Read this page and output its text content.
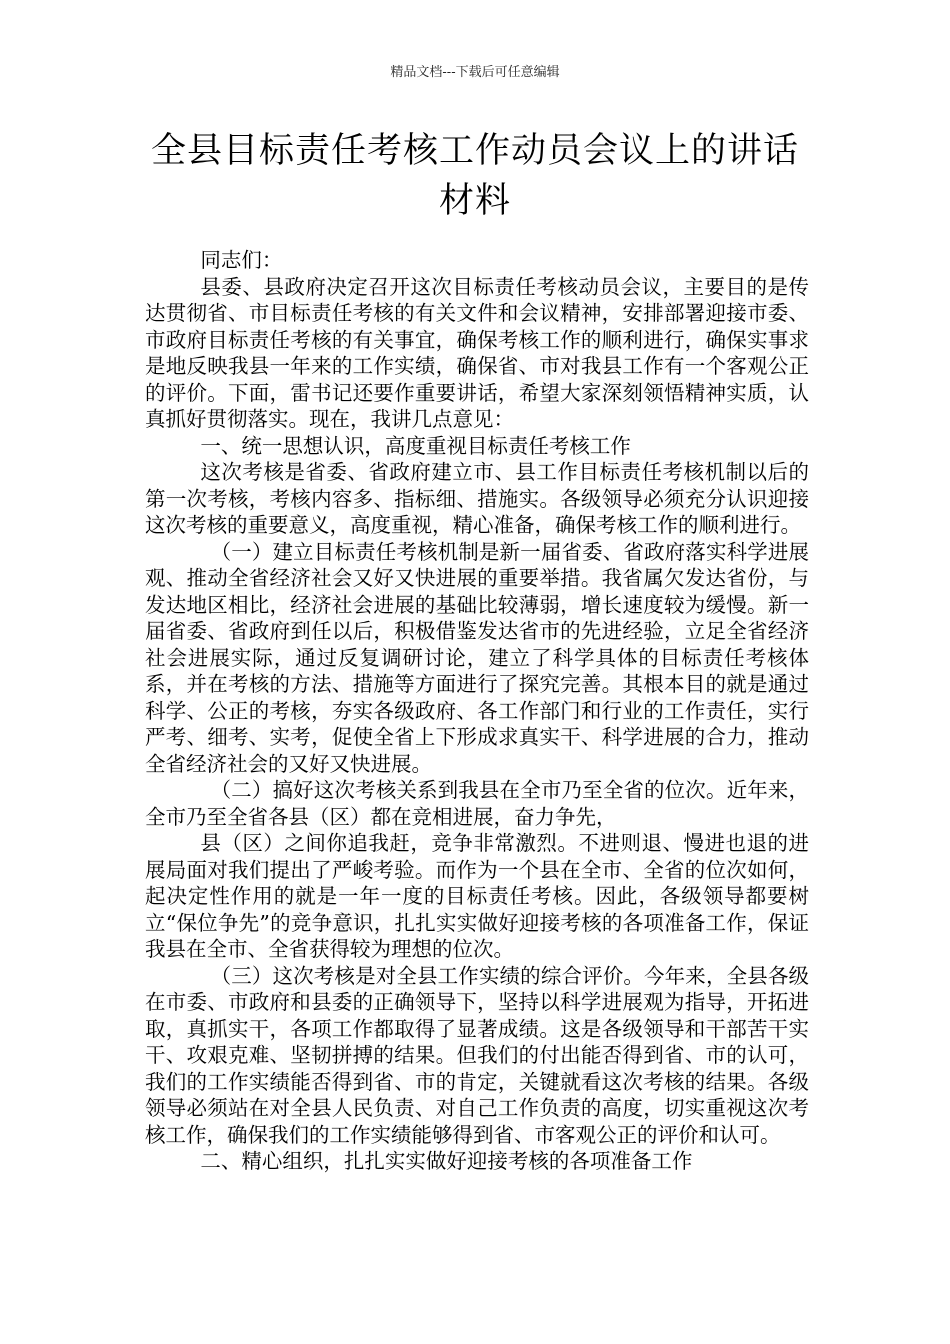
精品文档---下载后可任意编辑
全县目标责任考核工作动员会议上的讲话材料

同志们：

县委、县政府决定召开这次目标责任考核动员会议，主要目的是传达贯彻省、市目标责任考核的有关文件和会议精神，安排部署迎接市委、市政府目标责任考核的有关事宜，确保考核工作的顺利进行，确保实事求是地反映我县一年来的工作实绩，确保省、市对我县工作有一个客观公正的评价。下面，雷书记还要作重要讲话，希望大家深刻领悟精神实质，认真抓好贯彻落实。现在，我讲几点意见：

一、统一思想认识，高度重视目标责任考核工作

这次考核是省委、省政府建立市、县工作目标责任考核机制以后的第一次考核，考核内容多、指标细、措施实。各级领导必须充分认识迎接这次考核的重要意义，高度重视，精心准备，确保考核工作的顺利进行。

（一）建立目标责任考核机制是新一届省委、省政府落实科学进展观、推动全省经济社会又好又快进展的重要举措。我省属欠发达省份，与发达地区相比，经济社会进展的基础比较薄弱，增长速度较为缓慢。新一届省委、省政府到任以后，积极借鉴发达省市的先进经验，立足全省经济社会进展实际，通过反复调研讨论，建立了科学具体的目标责任考核体系，并在考核的方法、措施等方面进行了探究完善。其根本目的就是通过科学、公正的考核，夯实各级政府、各工作部门和行业的工作责任，实行严考、细考、实考，促使全省上下形成求真实干、科学进展的合力，推动全省经济社会的又好又快进展。

（二）搞好这次考核关系到我县在全市乃至全省的位次。近年来，全市乃至全省各县（区）都在竞相进展，奋力争先，

县（区）之间你追我赶，竞争非常激烈。不进则退、慢进也退的进展局面对我们提出了严峻考验。而作为一个县在全市、全省的位次如何，起决定性作用的就是一年一度的目标责任考核。因此，各级领导都要树立“保位争先”的竞争意识，扎扎实实做好迎接考核的各项准备工作，保证我县在全市、全省获得较为理想的位次。

（三）这次考核是对全县工作实绩的综合评价。今年来，全县各级在市委、市政府和县委的正确领导下，坚持以科学进展观为指导，开拓进取，真抓实干，各项工作都取得了显著成绩。这是各级领导和干部苦干实干、攻艰克难、坚韧拼搏的结果。但我们的付出能否得到省、市的认可，我们的工作实绩能否得到省、市的肯定，关键就看这次考核的结果。各级领导必须站在对全县人民负责、对自己工作负责的高度，切实重视这次考核工作，确保我们的工作实绩能够得到省、市客观公正的评价和认可。

二、精心组织，扎扎实实做好迎接考核的各项准备工作
